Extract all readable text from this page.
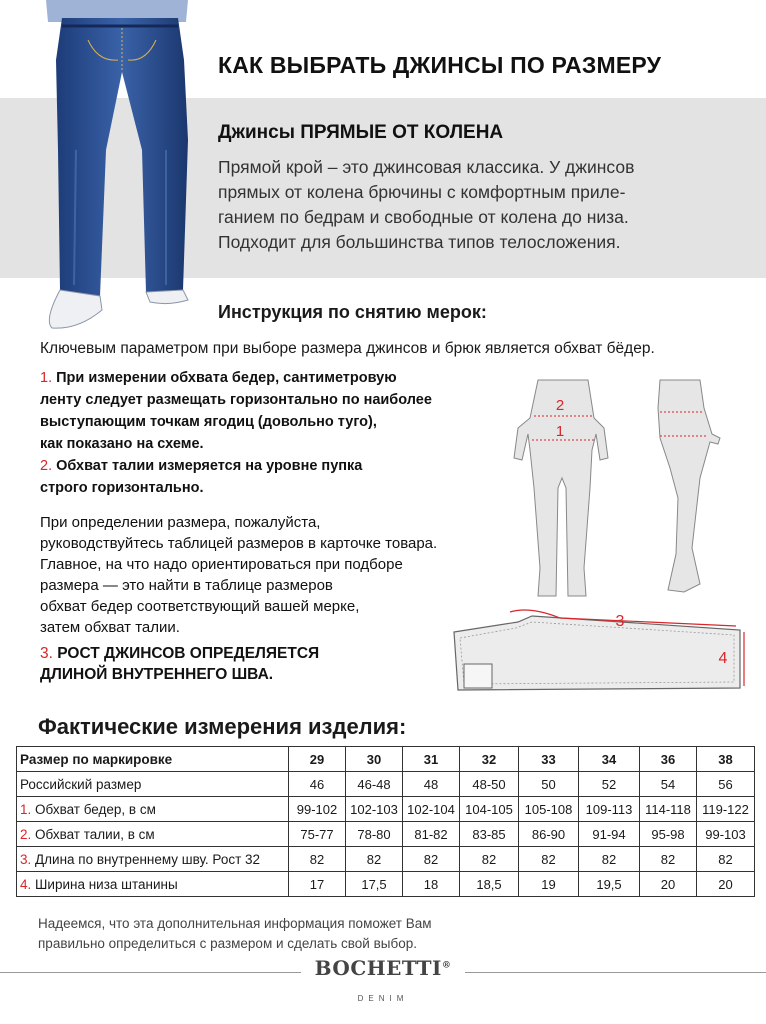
КАК ВЫБРАТЬ ДЖИНСЫ ПО РАЗМЕРУ
Джинсы ПРЯМЫЕ ОТ КОЛЕНА
Прямой крой – это джинсовая классика. У джинсов
прямых от колена брючины с комфортным приле-
ганием по бедрам и свободные от колена до низа.
Подходит для большинства типов телосложения.
Инструкция по снятию мерок:
Ключевым параметром при выборе размера джинсов и брюк является обхват бёдер.
1. При измерении обхвата бедер, сантиметровую
ленту следует размещать горизонтально по наиболее
выступающим точкам ягодиц (довольно туго),
как показано на схеме.
2. Обхват талии измеряется на уровне пупка
строго горизонтально.
При определении размера, пожалуйста,
руководствуйтесь таблицей размеров в карточке товара.
Главное, на что надо ориентироваться при подборе
размера — это найти в таблице размеров
обхват бедер соответствующий вашей мерке,
затем обхват талии.
3. РОСТ ДЖИНСОВ ОПРЕДЕЛЯЕТСЯ
ДЛИНОЙ ВНУТРЕННЕГО ШВА.
2
1
3
4
Фактические измерения изделия:
Размер по маркировке	29	30	31	32	33	34	36	38
Российский размер	46	46-48	48	48-50	50	52	54	56
1. Обхват бедер, в см	99-102	102-103	102-104	104-105	105-108	109-113	114-118	119-122
2. Обхват талии, в см	75-77	78-80	81-82	83-85	86-90	91-94	95-98	99-103
3. Длина по внутреннему шву. Рост 32	82	82	82	82	82	82	82	82
4. Ширина низа штанины	17	17,5	18	18,5	19	19,5	20	20
Надеемся, что эта дополнительная информация поможет Вам
правильно определиться с размером и сделать свой выбор.
BOCHETTI®
DENIM
